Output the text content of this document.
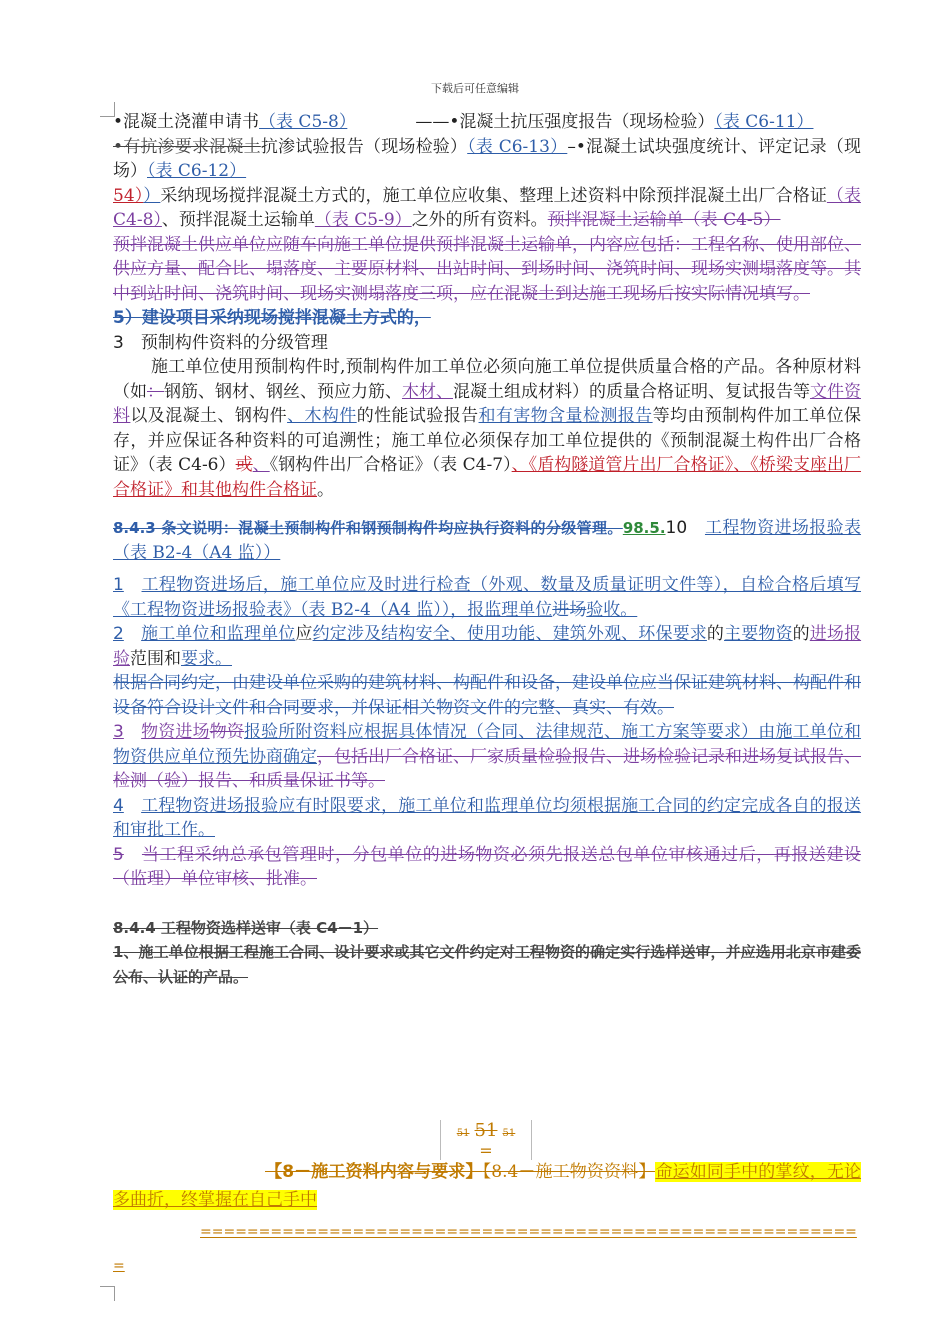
下载后可任意编辑

•混凝土浇灌申请书（表 C5-8）　　　　	——•混凝土抗压强度报告（现场检验）（表 C6-11）

•有抗渗要求混凝土抗渗试验报告（现场检验）（表 C6-13）–•混凝土试块强度统计、评定记录（现场）（表 C6-12）

54））采纳现场搅拌混凝土方式的，施工单位应收集、整理上述资料中除预拌混凝土出厂合格证（表 C4-8）、预拌混凝土运输单（表 C5-9）之外的所有资料。预拌混凝土运输单（表 C4-5）

预拌混凝土供应单位应随车向施工单位提供预拌混凝土运输单，内容应包括：工程名称、使用部位、供应方量、配合比、塌落度、主要原材料、出站时间、到场时间、浇筑时间、现场实测塌落度等。其中到站时间、浇筑时间、现场实测塌落度三项，应在混凝土到达施工现场后按实际情况填写。

5）建设项目采纳现场搅拌混凝土方式的，

3　预制构件资料的分级管理

施工单位使用预制构件时,预制构件加工单位必须向施工单位提供质量合格的产品。各种原材料（如：钢筋、钢材、钢丝、预应力筋、木材、混凝土组成材料）的质量合格证明、复试报告等文件资料以及混凝土、钢构件、木构件的性能试验报告和有害物含量检测报告等均由预制构件加工单位保存，并应保证各种资料的可追溯性；施工单位必须保存加工单位提供的《预制混凝土构件出厂合格证》（表 C4-6）或、《钢构件出厂合格证》（表 C4-7）、《盾构隧道管片出厂合格证》、《桥梁支座出厂合格证》和其他构件合格证。

8.4.3 条文说明：混凝土预制构件和钢预制构件均应执行资料的分级管理。98.5.10　 工程物资进场报验表（表 B2-4（A4 监））

1　 工程物资进场后，施工单位应及时进行检查（外观、数量及质量证明文件等），自检合格后填写《工程物资进场报验表》（表 B2-4（A4 监）），报监理单位进场验收。

2　 施工单位和监理单位应约定涉及结构安全、使用功能、建筑外观、环保要求的主要物资的进场报验范围和要求。

根据合同约定，由建设单位采购的建筑材料、构配件和设备，建设单位应当保证建筑材料、构配件和设备符合设计文件和合同要求，并保证相关物资文件的完整、真实、有效。

3　 物资进场物资报验所附资料应根据具体情况（合同、法律规范、施工方案等要求）由施工单位和物资供应单位预先协商确定，包括出厂合格证、厂家质量检验报告、进场检验记录和进场复试报告、检测（验）报告、和质量保证书等。

4　 工程物资进场报验应有时限要求，施工单位和监理单位均须根据施工合同的约定完成各自的报送和审批工作。

5　 当工程采纳总承包管理时，分包单位的进场物资必须先报送总包单位审核通过后，再报送建设（监理）单位审核、批准。

8.4.4 工程物资选样送审（表 C4－1）

1、施工单位根据工程施工合同、设计要求或其它文件约定对工程物资的确定实行选样送审，并应选用北京市建委公布、认证的产品。

51 51 51
=
【8－施工资料内容与要求】【8.4－施工物资资料】命运如同手中的掌纹，无论多曲折，终掌握在自己手中
========================================================
=
